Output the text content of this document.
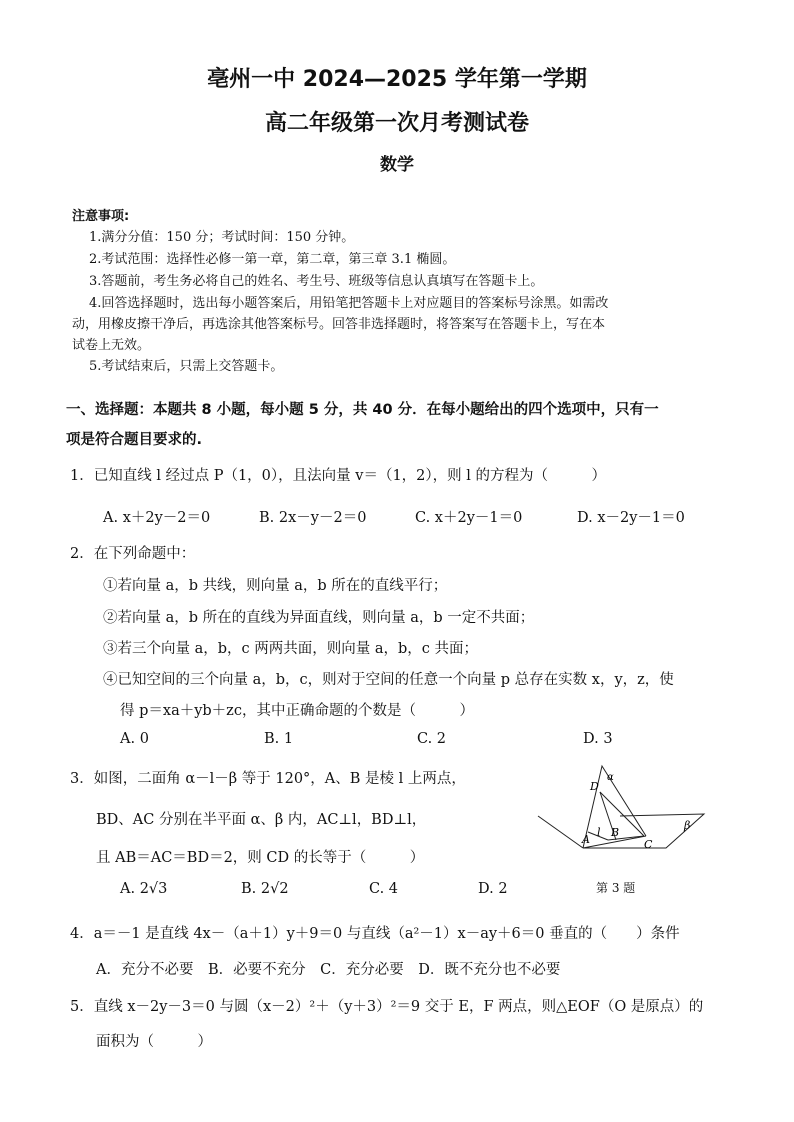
亳州一中 2024—2025 学年第一学期
高二年级第一次月考测试卷
数学
注意事项:
1.满分分值：150 分；考试时间：150 分钟。
2.考试范围：选择性必修一第一章，第二章，第三章 3.1 椭圆。
3.答题前，考生务必将自己的姓名、考生号、班级等信息认真填写在答题卡上。
4.回答选择题时，选出每小题答案后，用铅笔把答题卡上对应题目的答案标号涂黑。如需改
动，用橡皮擦干净后，再选涂其他答案标号。回答非选择题时，将答案写在答题卡上，写在本
试卷上无效。
5.考试结束后，只需上交答题卡。
一、选择题：本题共 8 小题，每小题 5 分，共 40 分．在每小题给出的四个选项中，只有一
项是符合题目要求的.
1．已知直线 l 经过点 P（1，0），且法向量 v＝（1，2），则 l 的方程为（　　　）
A. x＋2y－2＝0	B. 2x－y－2＝0	C. x＋2y－1＝0	D. x－2y－1＝0
2．在下列命题中：
①若向量 a，b 共线，则向量 a，b 所在的直线平行；
②若向量 a，b 所在的直线为异面直线，则向量 a，b 一定不共面；
③若三个向量 a，b，c 两两共面，则向量 a，b，c 共面；
④已知空间的三个向量 a，b，c，则对于空间的任意一个向量 p 总存在实数 x，y，z，使
得 p＝xa＋yb＋zc，其中正确命题的个数是（　　　）
A. 0	B. 1	C. 2	D. 3
3．如图，二面角 α－l－β 等于 120°，A、B 是棱 l 上两点，
BD、AC 分别在半平面 α、β 内，AC⊥l，BD⊥l，
且 AB＝AC＝BD＝2，则 CD 的长等于（　　　）
A. 2√3	B. 2√2	C. 4	D. 2
D
α
l B
A	C
β
第 3 题
4．a＝－1 是直线 4x－（a＋1）y＋9＝0 与直线（a²－1）x－ay＋6＝0 垂直的（　　）条件
A．充分不必要　B．必要不充分　C．充分必要　D．既不充分也不必要
5．直线 x－2y－3＝0 与圆（x－2）²＋（y＋3）²＝9 交于 E，F 两点，则△EOF（O 是原点）的
面积为（　　　）
